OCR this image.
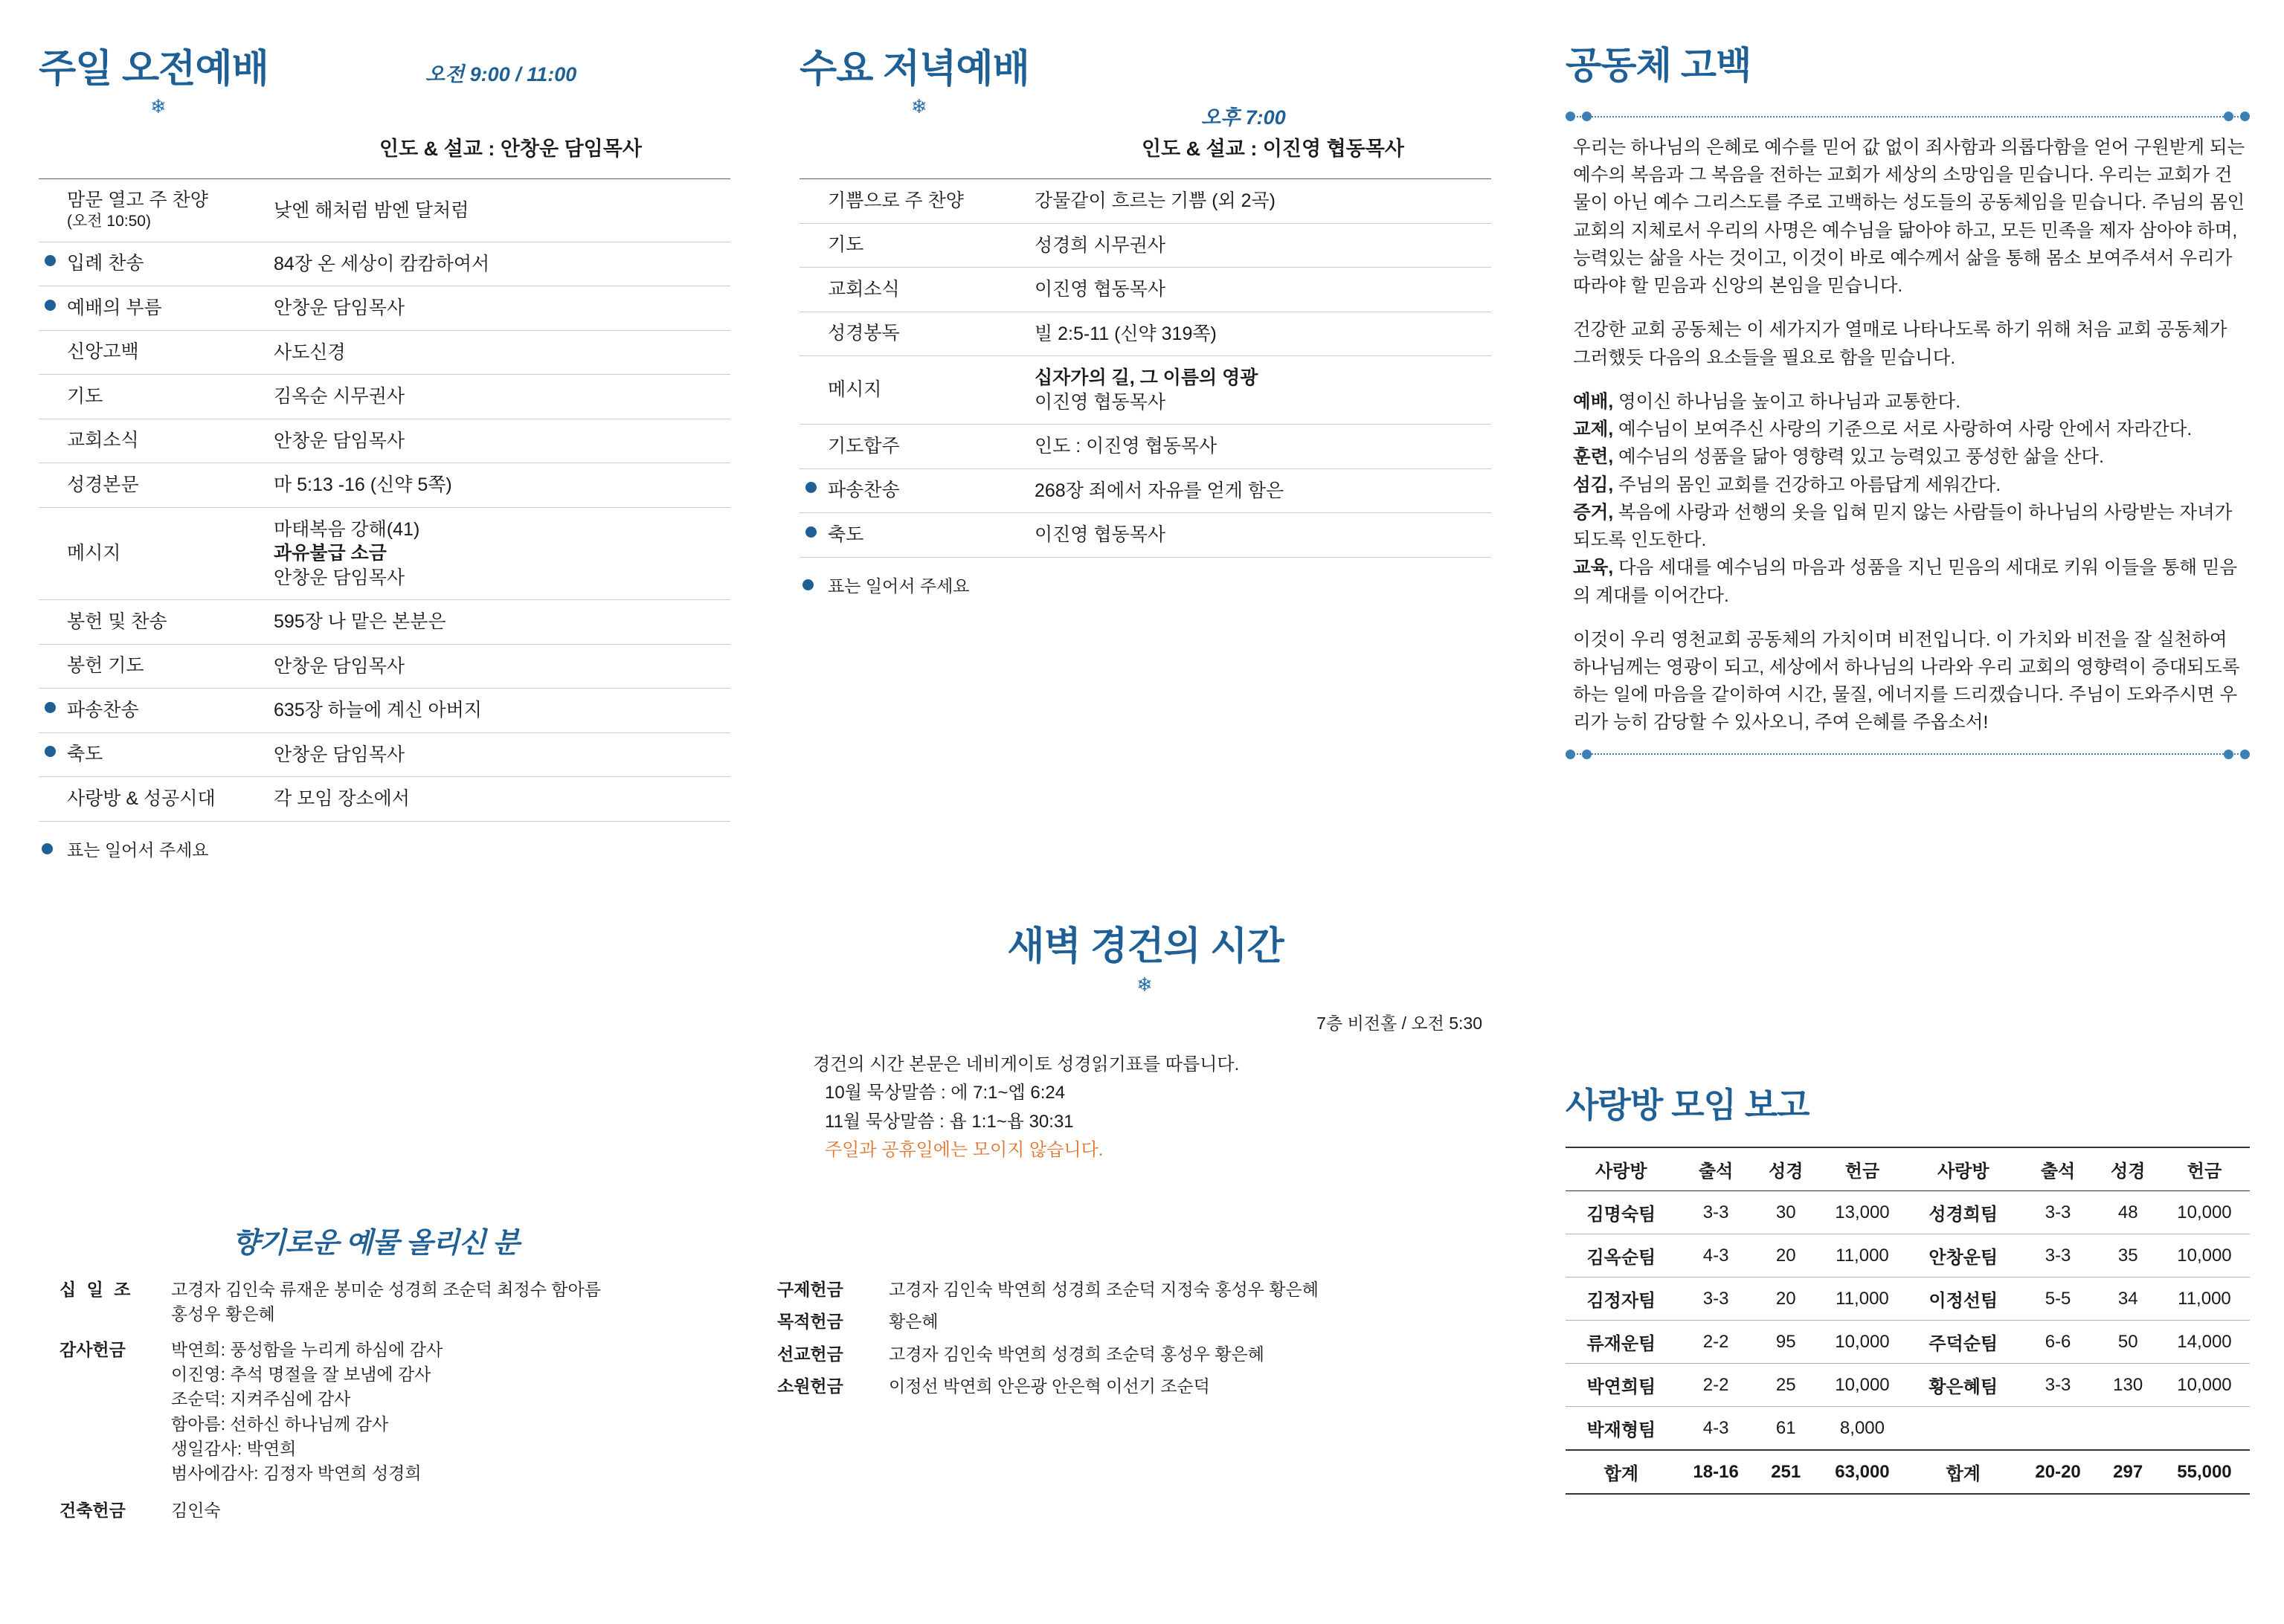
주일 오전예배	오전 9:00 / 11:00
❄
인도 & 설교 : 안창운 담임목사
맘문 열고 주 찬양
(오전 10:50)	낮엔 해처럼 밤엔 달처럼
입례 찬송	84장 온 세상이 캄캄하여서
예배의 부름	안창운 담임목사
신앙고백	사도신경
기도	김옥순 시무권사
교회소식	안창운 담임목사
성경본문	마 5:13 -16 (신약 5쪽)
메시지	마태복음 강해(41)
과유불급 소금
안창운 담임목사

봉헌 및 찬송	595장 나 맡은 본분은
봉헌 기도	안창운 담임목사
파송찬송	635장 하늘에 계신 아버지
축도	안창운 담임목사
사랑방 & 성공시대	각 모임 장소에서
표는 일어서 주세요
향기로운 예물 올리신 분
십 일 조	고경자 김인숙 류재운 봉미순 성경희 조순덕 최정수 함아름
홍성우 황은혜
감사헌금	박연희: 풍성함을 누리게 하심에 감사
이진영: 추석 명절을 잘 보냄에 감사
조순덕: 지켜주심에 감사
함아름: 선하신 하나님께 감사
생일감사: 박연희
범사에감사: 김정자 박연희 성경희
건축헌금	김인숙
구제헌금	고경자 김인숙 박연희 성경희 조순덕 지정숙 홍성우 황은혜
목적헌금	황은혜
선교헌금	고경자 김인숙 박연희 성경희 조순덕 홍성우 황은혜
소원헌금	이정선 박연희 안은광 안은혁 이선기 조순덕
수요 저녁예배
오후 7:00
❄
인도 & 설교 : 이진영 협동목사
기쁨으로 주 찬양	강물같이 흐르는 기쁨 (외 2곡)
기도	성경희 시무권사
교회소식	이진영 협동목사
성경봉독	빌 2:5-11 (신약 319쪽)
메시지	십자가의 길, 그 이름의 영광
이진영 협동목사

기도합주	인도 : 이진영 협동목사
파송찬송	268장 죄에서 자유를 얻게 함은
축도	이진영 협동목사
표는 일어서 주세요
새벽 경건의 시간
❄
7층 비전홀 / 오전 5:30
경건의 시간 본문은 네비게이토 성경읽기표를 따릅니다.
10월 묵상말씀 : 에 7:1~엡 6:24
11월 묵상말씀 : 욥 1:1~욥 30:31
주일과 공휴일에는 모이지 않습니다.
공동체 고백

우리는 하나님의 은혜로 예수를 믿어 값 없이 죄사함과 의롭다함을 얻어 구원받게 되는 예수의 복음과 그 복음을 전하는 교회가 세상의 소망임을 믿습니다. 우리는 교회가 건물이 아닌 예수 그리스도를 주로 고백하는 성도들의 공동체임을 믿습니다. 주님의 몸인 교회의 지체로서 우리의 사명은 예수님을 닮아야 하고, 모든 민족을 제자 삼아야 하며, 능력있는 삶을 사는 것이고, 이것이 바로 예수께서 삶을 통해 몸소 보여주셔서 우리가 따라야 할 믿음과 신앙의 본임을 믿습니다.

건강한 교회 공동체는 이 세가지가 열매로 나타나도록 하기 위해 처음 교회 공동체가 그러했듯 다음의 요소들을 필요로 함을 믿습니다.

예배, 영이신 하나님을 높이고 하나님과 교통한다.
교제, 예수님이 보여주신 사랑의 기준으로 서로 사랑하여 사랑 안에서 자라간다.
훈련, 예수님의 성품을 닮아 영향력 있고 능력있고 풍성한 삶을 산다.
섬김, 주님의 몸인 교회를 건강하고 아름답게 세워간다.
증거, 복음에 사랑과 선행의 옷을 입혀 믿지 않는 사람들이 하나님의 사랑받는 자녀가 되도록 인도한다.
교육, 다음 세대를 예수님의 마음과 성품을 지닌 믿음의 세대로 키워 이들을 통해 믿음의 계대를 이어간다.

이것이 우리 영천교회 공동체의 가치이며 비전입니다. 이 가치와 비전을 잘 실천하여 하나님께는 영광이 되고, 세상에서 하나님의 나라와 우리 교회의 영향력이 증대되도록 하는 일에 마음을 같이하여 시간, 물질, 에너지를 드리겠습니다. 주님이 도와주시면 우리가 능히 감당할 수 있사오니, 주여 은혜를 주옵소서!

사랑방 모임 보고
사랑방	출석	성경	헌금	사랑방	출석	성경	헌금
김명숙팀	3-3	30	13,000	성경희팀	3-3	48	10,000
김옥순팀	4-3	20	11,000	안창운팀	3-3	35	10,000
김정자팀	3-3	20	11,000	이정선팀	5-5	34	11,000
류재운팀	2-2	95	10,000	주덕순팀	6-6	50	14,000
박연희팀	2-2	25	10,000	황은혜팀	3-3	130	10,000
박재형팀	4-3	61	8,000				
합계	18-16	251	63,000	합계	20-20	297	55,000
